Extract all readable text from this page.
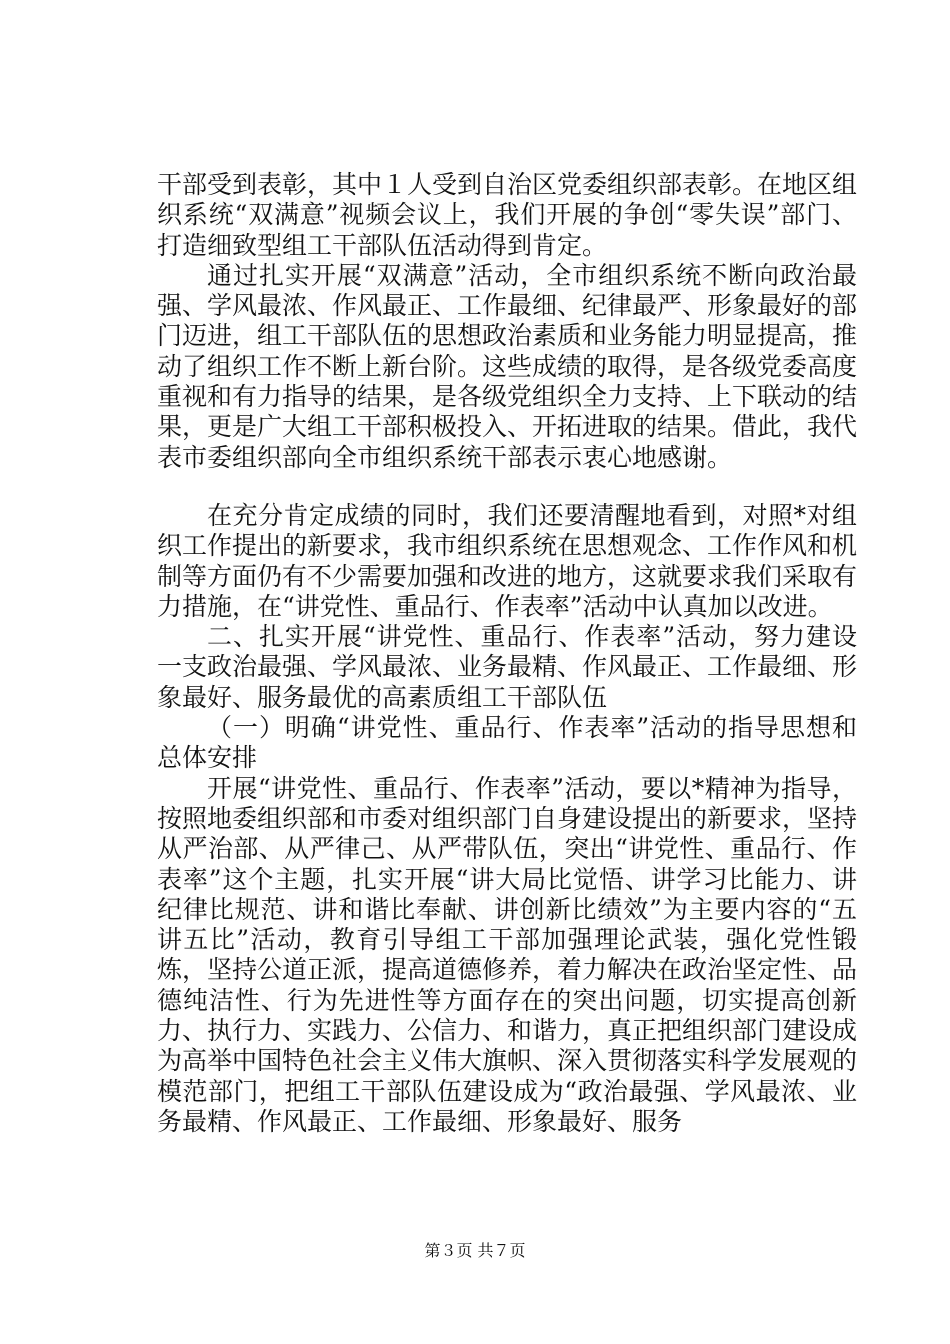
干部受到表彰，其中１人受到自治区党委组织部表彰。在地区组织系统“双满意”视频会议上，我们开展的争创“零失误”部门、打造细致型组工干部队伍活动得到肯定。

通过扎实开展“双满意”活动，全市组织系统不断向政治最强、学风最浓、作风最正、工作最细、纪律最严、形象最好的部门迈进，组工干部队伍的思想政治素质和业务能力明显提高，推动了组织工作不断上新台阶。这些成绩的取得，是各级党委高度重视和有力指导的结果，是各级党组织全力支持、上下联动的结果，更是广大组工干部积极投入、开拓进取的结果。借此，我代表市委组织部向全市组织系统干部表示衷心地感谢。

在充分肯定成绩的同时，我们还要清醒地看到，对照*对组织工作提出的新要求，我市组织系统在思想观念、工作作风和机制等方面仍有不少需要加强和改进的地方，这就要求我们采取有力措施，在“讲党性、重品行、作表率”活动中认真加以改进。

二、扎实开展“讲党性、重品行、作表率”活动，努力建设一支政治最强、学风最浓、业务最精、作风最正、工作最细、形象最好、服务最优的高素质组工干部队伍

（一）明确“讲党性、重品行、作表率”活动的指导思想和总体安排

开展“讲党性、重品行、作表率”活动，要以*精神为指导，按照地委组织部和市委对组织部门自身建设提出的新要求，坚持从严治部、从严律己、从严带队伍，突出“讲党性、重品行、作表率”这个主题，扎实开展“讲大局比觉悟、讲学习比能力、讲纪律比规范、讲和谐比奉献、讲创新比绩效”为主要内容的“五讲五比”活动，教育引导组工干部加强理论武装，强化党性锻炼，坚持公道正派，提高道德修养，着力解决在政治坚定性、品德纯洁性、行为先进性等方面存在的突出问题，切实提高创新力、执行力、实践力、公信力、和谐力，真正把组织部门建设成为高举中国特色社会主义伟大旗帜、深入贯彻落实科学发展观的模范部门，把组工干部队伍建设成为“政治最强、学风最浓、业务最精、作风最正、工作最细、形象最好、服务

第３页 共７页
